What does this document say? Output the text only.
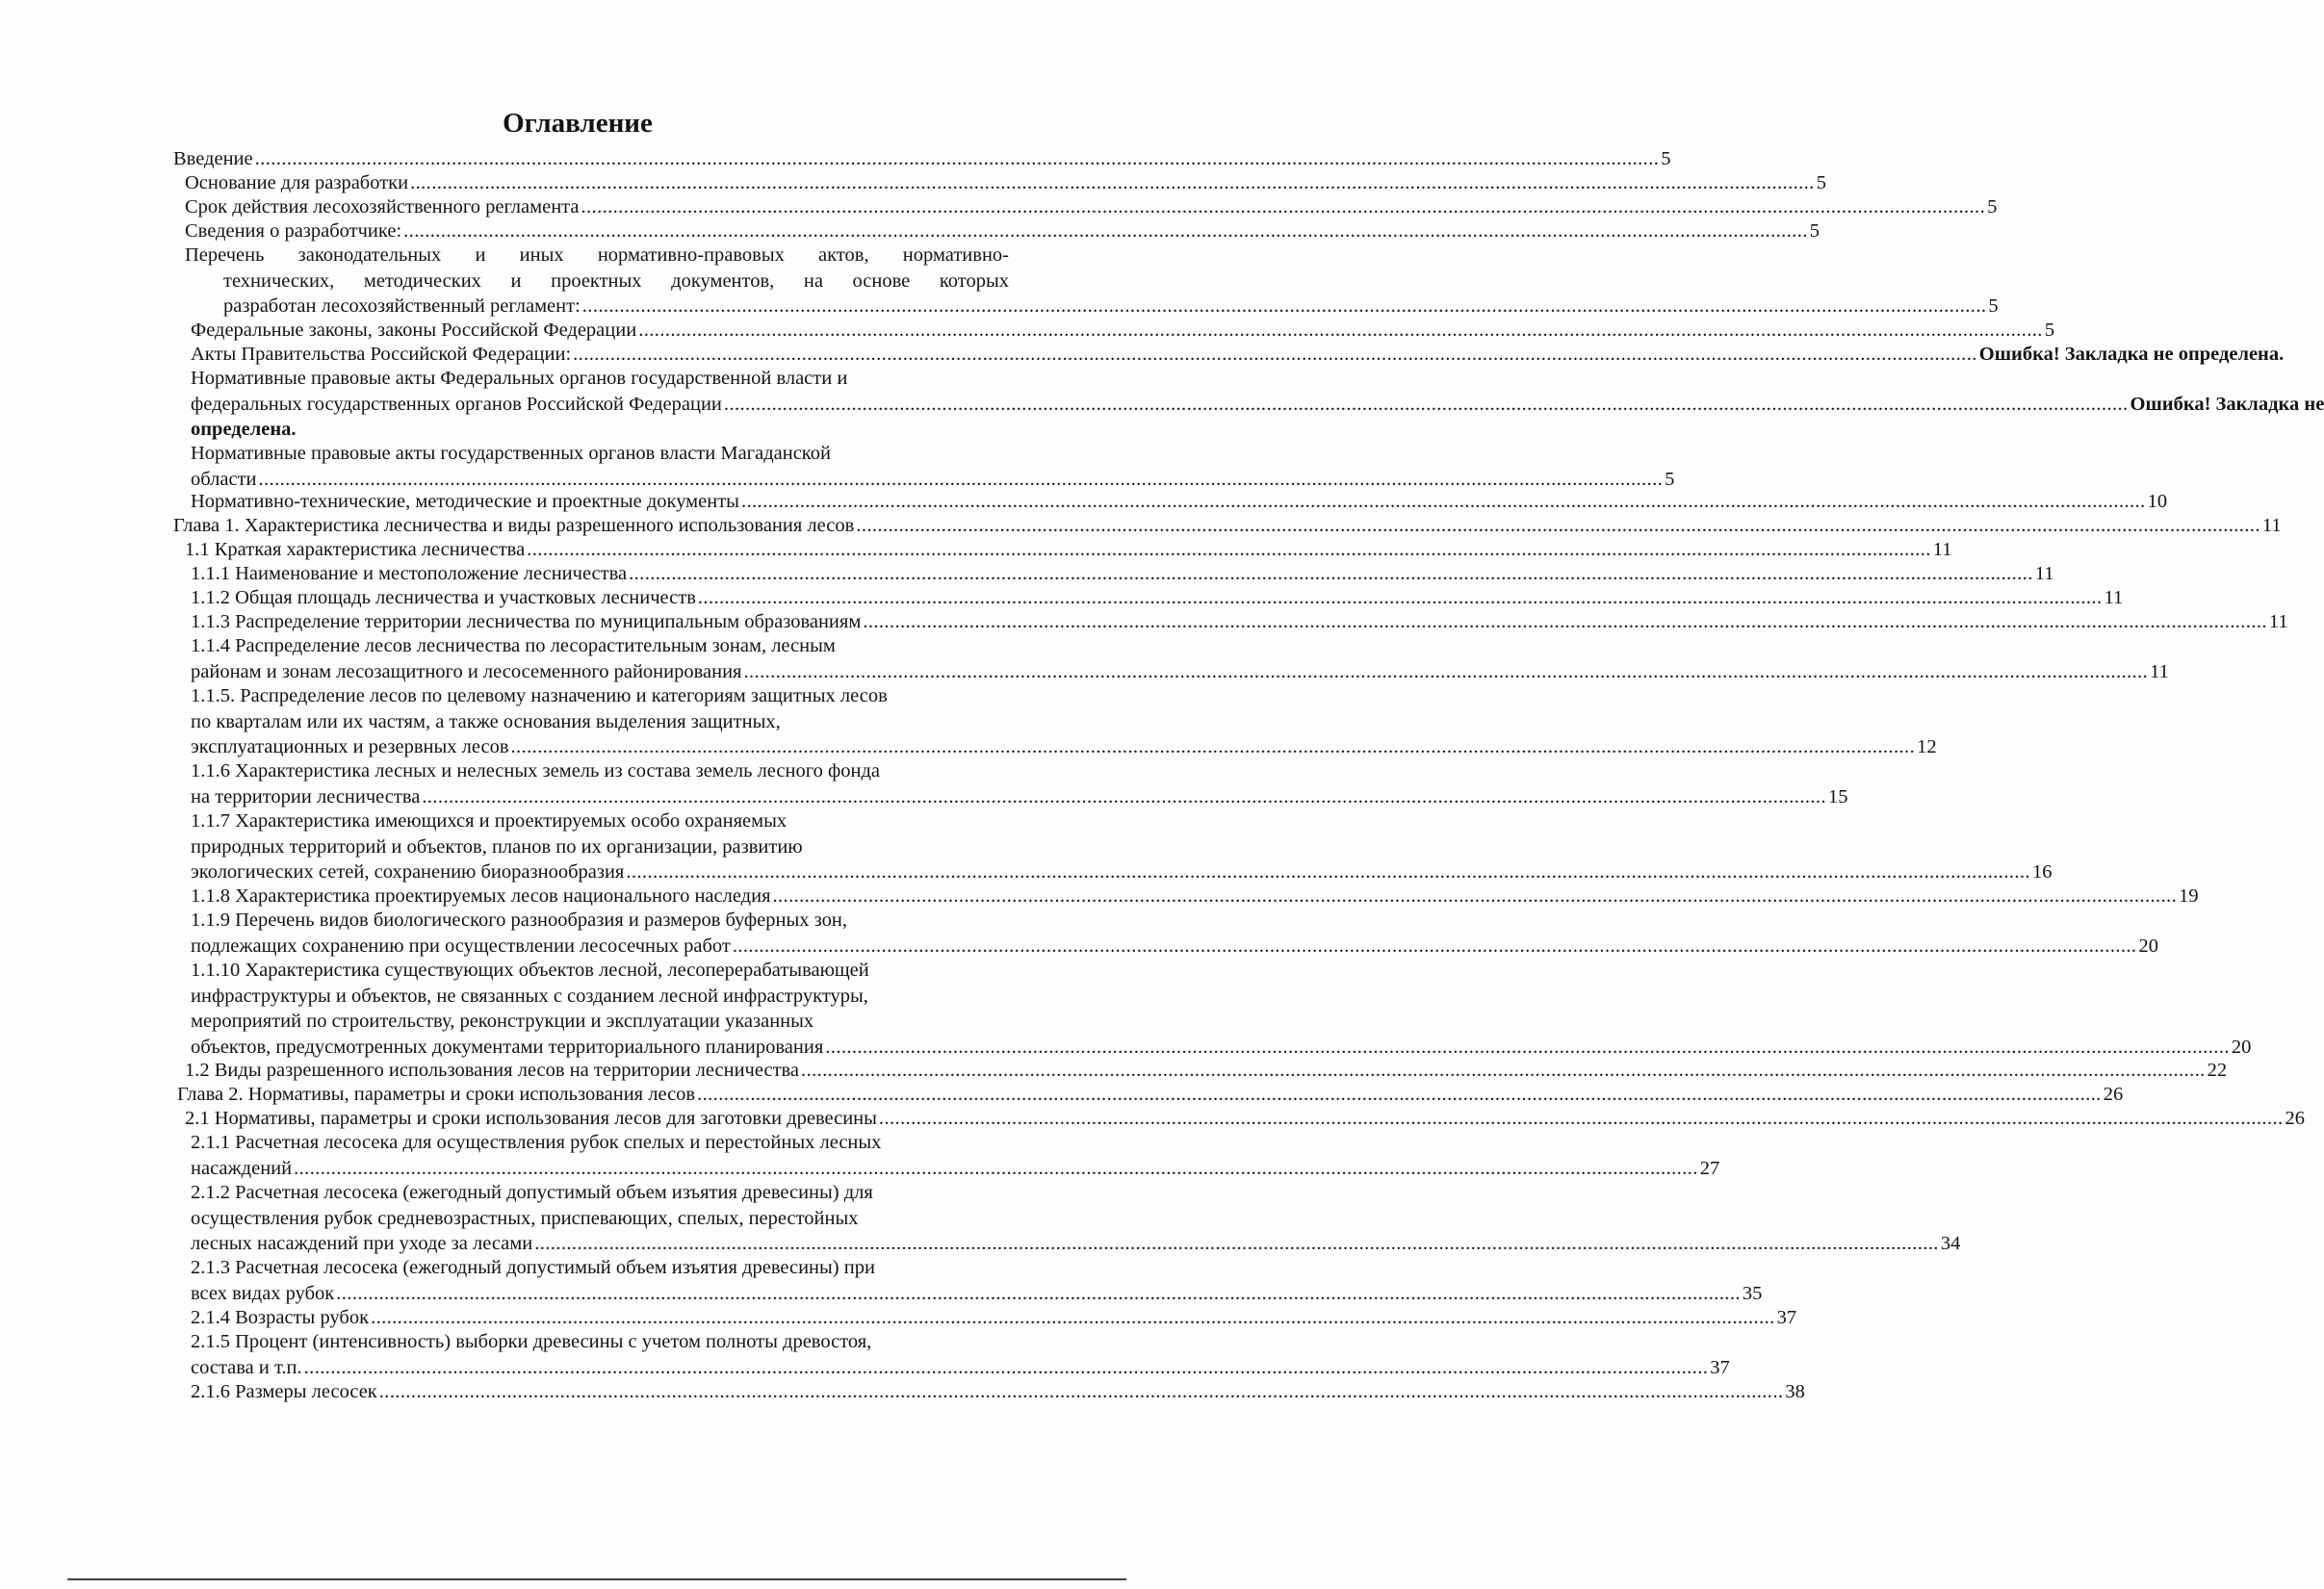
Оглавление
Введение .....	5
Основание для разработки .....	5
Срок действия лесохозяйственного регламента .....	5
Сведения о разработчике: .....	5
Перечень законодательных и иных нормативно-правовых актов, нормативно-
технических, методических и проектных документов, на основе которых
разработан лесохозяйственный регламент: .....	5
Федеральные законы, законы Российской Федерации .....	5
Акты Правительства Российской Федерации: .....	Ошибка! Закладка не определена.
Нормативные правовые акты Федеральных органов государственной власти и
федеральных государственных органов Российской Федерации .....	Ошибка! Закладка не
определена.
Нормативные правовые акты государственных органов власти Магаданской
области .....	5
Нормативно-технические, методические и проектные документы .....	10
Глава 1. Характеристика лесничества и виды разрешенного использования лесов .....	11
1.1 Краткая характеристика лесничества .....	11
1.1.1 Наименование и местоположение лесничества .....	11
1.1.2 Общая площадь лесничества и участковых лесничеств .....	11
1.1.3 Распределение территории лесничества по муниципальным образованиям .....	11
1.1.4 Распределение лесов лесничества по лесорастительным зонам, лесным
районам и зонам лесозащитного и лесосеменного районирования .....	11
1.1.5. Распределение лесов по целевому назначению и категориям защитных лесов
по кварталам или их частям, а также основания выделения защитных,
эксплуатационных и резервных лесов .....	12
1.1.6 Характеристика лесных и нелесных земель из состава земель лесного фонда
на территории лесничества .....	15
1.1.7 Характеристика имеющихся и проектируемых особо охраняемых
природных территорий и объектов, планов по их организации, развитию
экологических сетей, сохранению биоразнообразия .....	16
1.1.8 Характеристика проектируемых лесов национального наследия .....	19
1.1.9 Перечень видов биологического разнообразия и размеров буферных зон,
подлежащих сохранению при осуществлении лесосечных работ .....	20
1.1.10 Характеристика существующих объектов лесной, лесоперерабатывающей
инфраструктуры и объектов, не связанных с созданием лесной инфраструктуры,
мероприятий по строительству, реконструкции и эксплуатации указанных
объектов, предусмотренных документами территориального планирования .....	20
1.2 Виды разрешенного использования лесов на территории лесничества .....	22
Глава 2. Нормативы, параметры и сроки использования лесов .....	26
2.1 Нормативы, параметры и сроки использования лесов для заготовки древесины .....	26
2.1.1 Расчетная лесосека для осуществления рубок спелых и перестойных лесных
насаждений .....	27
2.1.2 Расчетная лесосека (ежегодный допустимый объем изъятия древесины) для
осуществления рубок средневозрастных, приспевающих, спелых, перестойных
лесных насаждений при уходе за лесами .....	34
2.1.3 Расчетная лесосека (ежегодный допустимый объем изъятия древесины) при
всех видах рубок .....	35
2.1.4 Возрасты рубок .....	37
2.1.5 Процент (интенсивность) выборки древесины с учетом полноты древостоя,
состава и т.п. .....	37
2.1.6 Размеры лесосек .....	38
